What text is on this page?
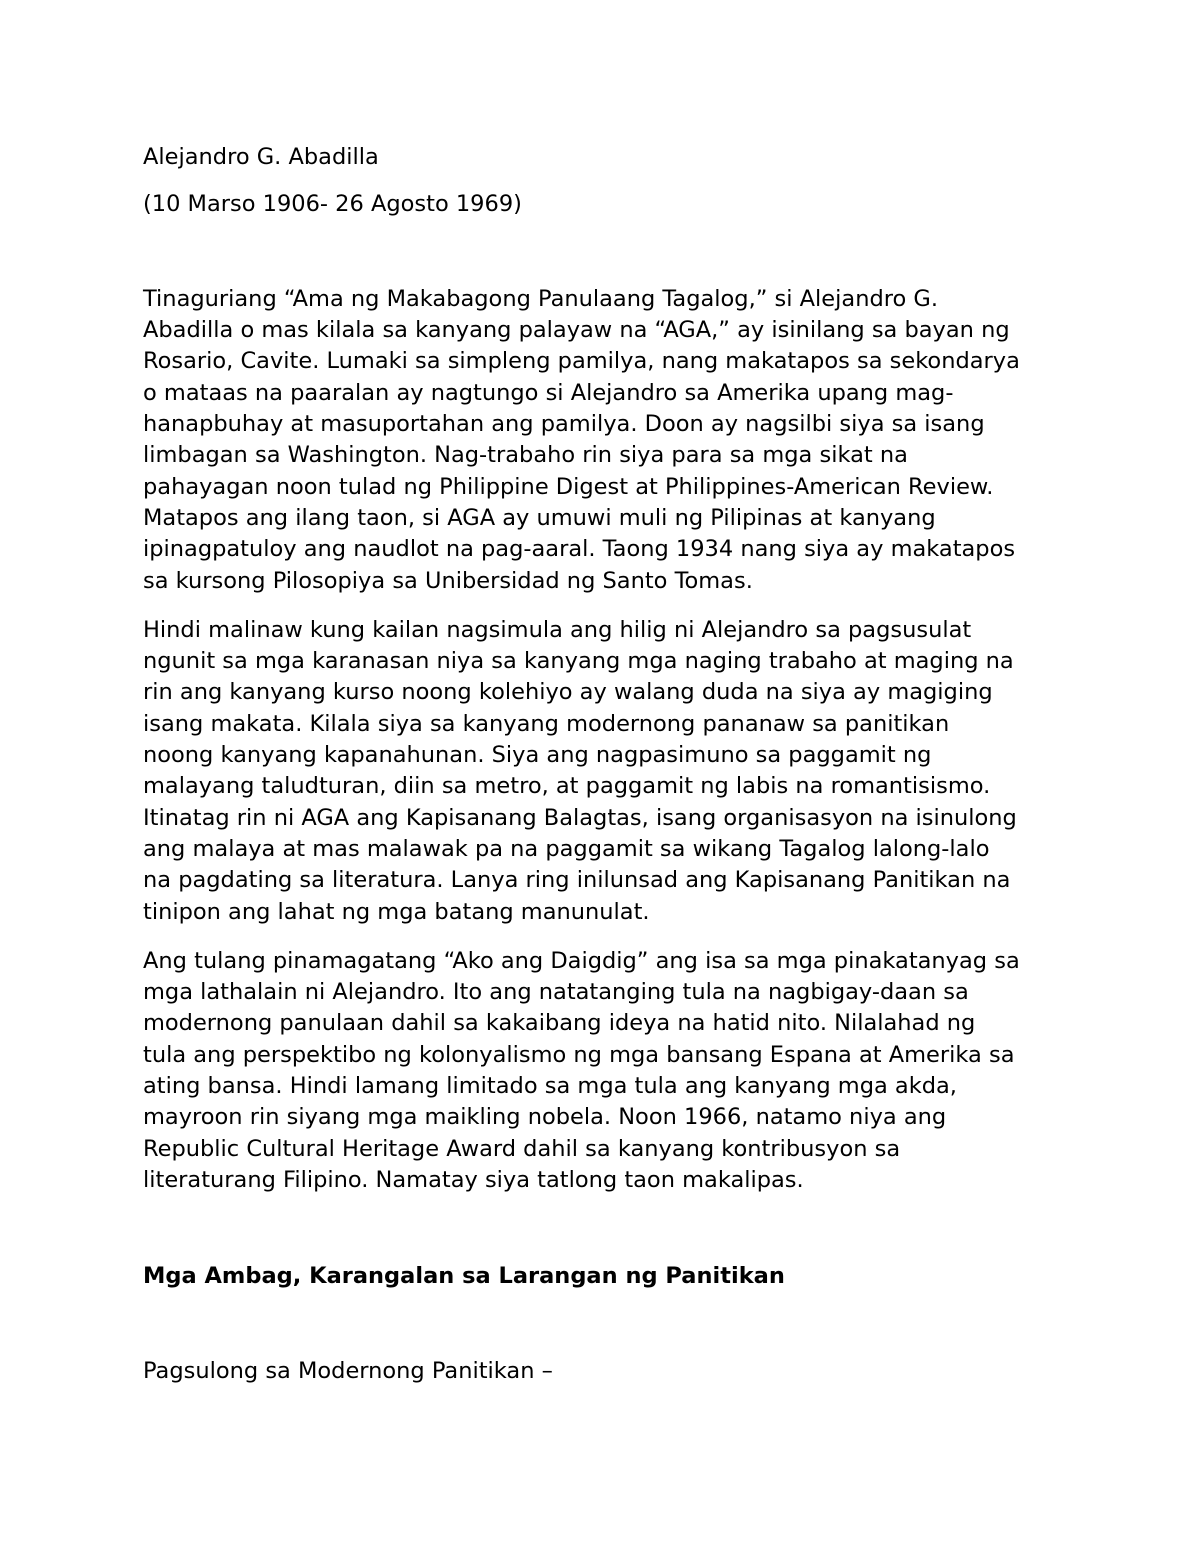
Alejandro G. Abadilla
(10 Marso 1906- 26 Agosto 1969)
Tinaguriang “Ama ng Makabagong Panulaang Tagalog,” si Alejandro G.
Abadilla o mas kilala sa kanyang palayaw na “AGA,” ay isinilang sa bayan ng
Rosario, Cavite. Lumaki sa simpleng pamilya, nang makatapos sa sekondarya
o mataas na paaralan ay nagtungo si Alejandro sa Amerika upang mag-
hanapbuhay at masuportahan ang pamilya. Doon ay nagsilbi siya sa isang
limbagan sa Washington. Nag-trabaho rin siya para sa mga sikat na
pahayagan noon tulad ng Philippine Digest at Philippines-American Review.
Matapos ang ilang taon, si AGA ay umuwi muli ng Pilipinas at kanyang
ipinagpatuloy ang naudlot na pag-aaral. Taong 1934 nang siya ay makatapos
sa kursong Pilosopiya sa Unibersidad ng Santo Tomas.
Hindi malinaw kung kailan nagsimula ang hilig ni Alejandro sa pagsusulat
ngunit sa mga karanasan niya sa kanyang mga naging trabaho at maging na
rin ang kanyang kurso noong kolehiyo ay walang duda na siya ay magiging
isang makata. Kilala siya sa kanyang modernong pananaw sa panitikan
noong kanyang kapanahunan. Siya ang nagpasimuno sa paggamit ng
malayang taludturan, diin sa metro, at paggamit ng labis na romantisismo.
Itinatag rin ni AGA ang Kapisanang Balagtas, isang organisasyon na isinulong
ang malaya at mas malawak pa na paggamit sa wikang Tagalog lalong-lalo
na pagdating sa literatura. Lanya ring inilunsad ang Kapisanang Panitikan na
tinipon ang lahat ng mga batang manunulat.
Ang tulang pinamagatang “Ako ang Daigdig” ang isa sa mga pinakatanyag sa
mga lathalain ni Alejandro. Ito ang natatanging tula na nagbigay-daan sa
modernong panulaan dahil sa kakaibang ideya na hatid nito. Nilalahad ng
tula ang perspektibo ng kolonyalismo ng mga bansang Espana at Amerika sa
ating bansa. Hindi lamang limitado sa mga tula ang kanyang mga akda,
mayroon rin siyang mga maikling nobela. Noon 1966, natamo niya ang
Republic Cultural Heritage Award dahil sa kanyang kontribusyon sa
literaturang Filipino. Namatay siya tatlong taon makalipas.
Mga Ambag, Karangalan sa Larangan ng Panitikan
Pagsulong sa Modernong Panitikan –
